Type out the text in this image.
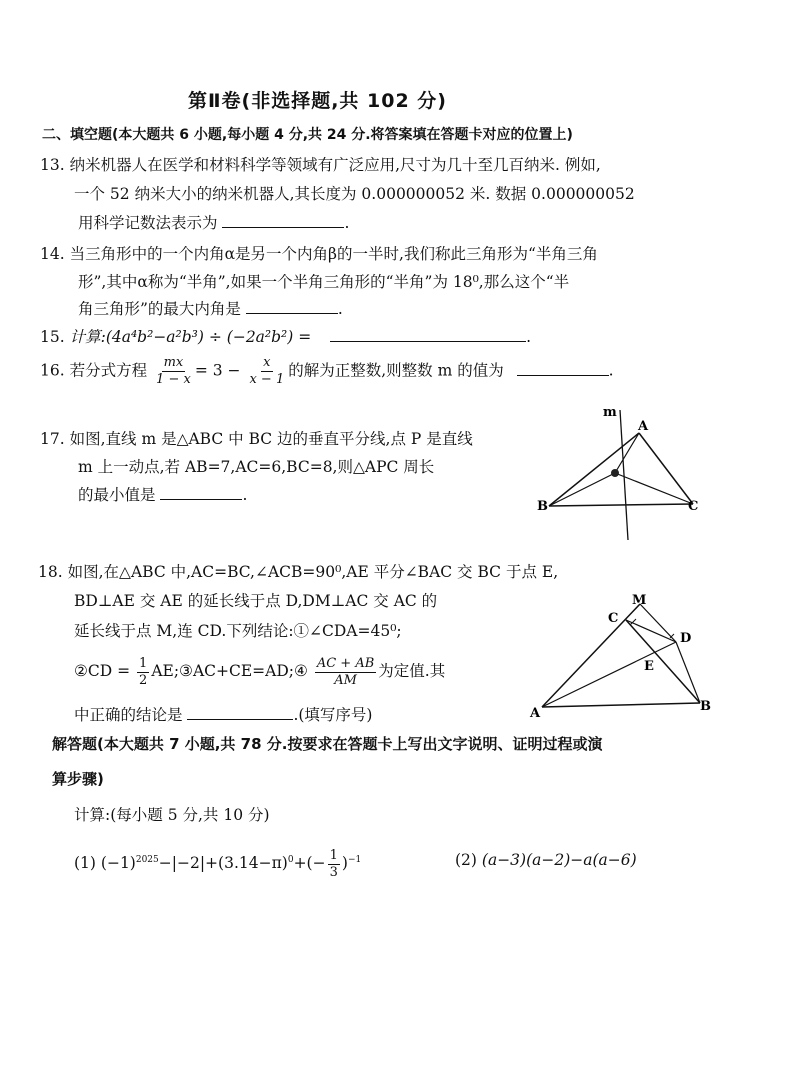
第Ⅱ卷(非选择题,共 102 分)
二、填空题(本大题共 6 小题,每小题 4 分,共 24 分.将答案填在答题卡对应的位置上)
13. 纳米机器人在医学和材料科学等领域有广泛应用,尺寸为几十至几百纳米. 例如,
一个 52 纳米大小的纳米机器人,其长度为 0.000000052 米. 数据 0.000000052
用科学记数法表示为	.
14. 当三角形中的一个内角α是另一个内角β的一半时,我们称此三角形为“半角三角
形”,其中α称为“半角”,如果一个半角三角形的“半角”为 18⁰,那么这个“半
角三角形”的最大内角是	.
15. 计算:(4a⁴b²−a²b³) ÷ (−2a²b²) =	.
16. 若分式方程 $\frac{mx}{1 - x} = 3 - \frac{x}{x - 1}$ 的解为正整数,则整数 m 的值为	.
17. 如图,直线 m 是△ABC 中 BC 边的垂直平分线,点 P 是直线
m 上一动点,若 AB=7,AC=6,BC=8,则△APC 周长
的最小值是	.
m
A
B	C
18. 如图,在△ABC 中,AC=BC,∠ACB=90⁰,AE 平分∠BAC 交 BC 于点 E,
BD⊥AE 交 AE 的延长线于点 D,DM⊥AC 交 AC 的
延长线于点 M,连 CD.下列结论:①∠CDA=45⁰;
②CD = $\frac{1}{2}$ AE;③AC+CE=AD;④ $\frac{AC + AB}{AM}$ 为定值.其
中正确的结论是	.(填写序号)
M
C
D
E
A	B
解答题(本大题共 7 小题,共 78 分.按要求在答题卡上写出文字说明、证明过程或演
算步骤)
计算:(每小题 5 分,共 10 分)
(1) $(-1)^{2025}-|-2|+(3.14-\pi)^0+(- \frac{1}{3} )^{-1}$	(2) (a−3)(a−2)−a(a−6)
